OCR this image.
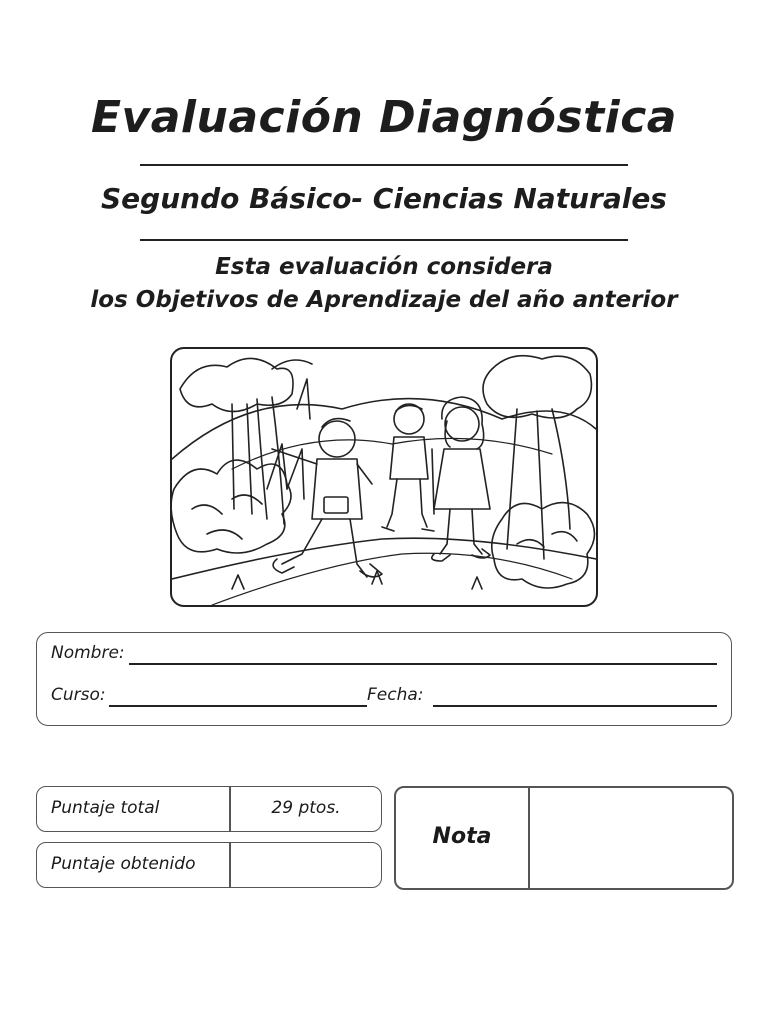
Evaluación Diagnóstica
Segundo Básico- Ciencias Naturales
Esta evaluación considera
los Objetivos de Aprendizaje del año anterior
Nombre:
Curso:	Fecha:
Puntaje total	29 ptos.
Puntaje obtenido
Nota
